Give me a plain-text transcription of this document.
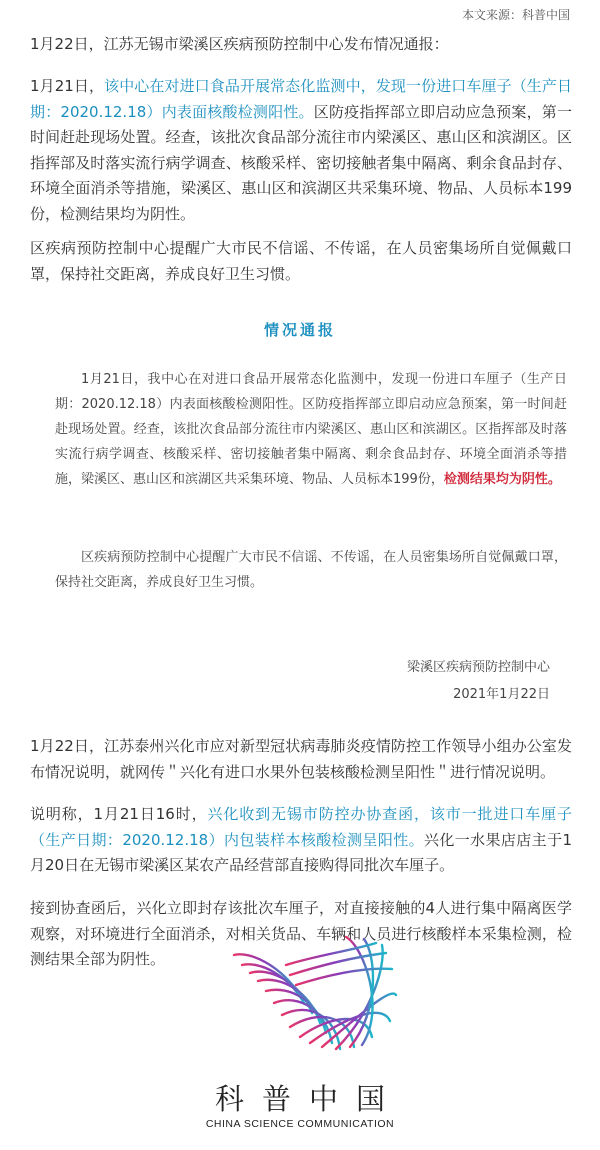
本文来源：科普中国

1月22日，江苏无锡市梁溪区疾病预防控制中心发布情况通报：

1月21日，该中心在对进口食品开展常态化监测中，发现一份进口车厘子（生产日期：2020.12.18）内表面核酸检测阳性。区防疫指挥部立即启动应急预案，第一时间赶赴现场处置。经查，该批次食品部分流往市内梁溪区、惠山区和滨湖区。区指挥部及时落实流行病学调查、核酸采样、密切接触者集中隔离、剩余食品封存、环境全面消杀等措施，梁溪区、惠山区和滨湖区共采集环境、物品、人员标本199份，检测结果均为阴性。

区疾病预防控制中心提醒广大市民不信谣、不传谣，在人员密集场所自觉佩戴口罩，保持社交距离，养成良好卫生习惯。

情况通报

1月21日，我中心在对进口食品开展常态化监测中，发现一份进口车厘子（生产日期：2020.12.18）内表面核酸检测阳性。区防疫指挥部立即启动应急预案，第一时间赶赴现场处置。经查，该批次食品部分流往市内梁溪区、惠山区和滨湖区。区指挥部及时落实流行病学调查、核酸采样、密切接触者集中隔离、剩余食品封存、环境全面消杀等措施，梁溪区、惠山区和滨湖区共采集环境、物品、人员标本199份，检测结果均为阴性。

区疾病预防控制中心提醒广大市民不信谣、不传谣，在人员密集场所自觉佩戴口罩，保持社交距离，养成良好卫生习惯。

梁溪区疾病预防控制中心
2021年1月22日

1月22日，江苏泰州兴化市应对新型冠状病毒肺炎疫情防控工作领导小组办公室发布情况说明，就网传＂兴化有进口水果外包装核酸检测呈阳性＂进行情况说明。

说明称，1月21日16时，兴化收到无锡市防控办协查函，该市一批进口车厘子（生产日期：2020.12.18）内包装样本核酸检测呈阳性。兴化一水果店店主于1月20日在无锡市梁溪区某农产品经营部直接购得同批次车厘子。

接到协查函后，兴化立即封存该批次车厘子，对直接接触的4人进行集中隔离医学观察，对环境进行全面消杀，对相关货品、车辆和人员进行核酸样本采集检测，检测结果全部为阴性。

科普中国
CHINA SCIENCE COMMUNICATION
